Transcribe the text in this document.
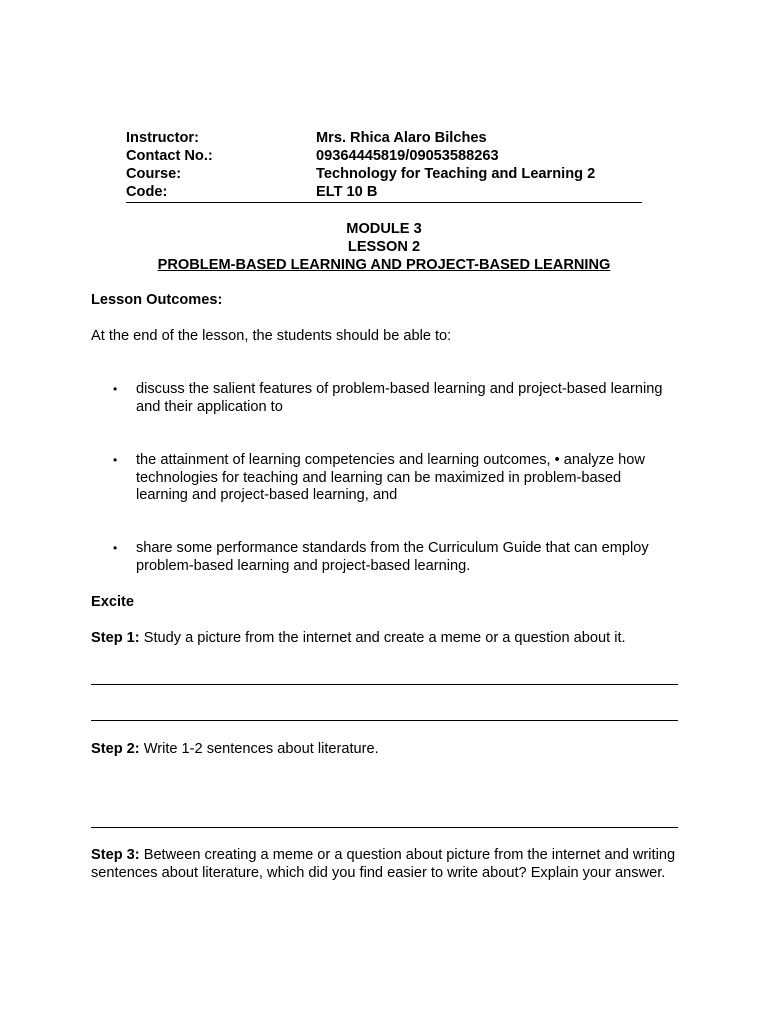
Instructor:	Mrs. Rhica Alaro Bilches
Contact No.:	09364445819/09053588263
Course:	Technology for Teaching and Learning 2
Code:	ELT 10 B
MODULE 3
LESSON 2
PROBLEM-BASED LEARNING AND PROJECT-BASED LEARNING
Lesson Outcomes:
At the end of the lesson, the students should be able to:
•	discuss the salient features of problem-based learning and project-based learning and their application to
•	the attainment of learning competencies and learning outcomes, • analyze how technologies for teaching and learning can be maximized in problem-based learning and project-based learning, and
•	share some performance standards from the Curriculum Guide that can employ problem-based learning and project-based learning.
Excite
Step 1: Study a picture from the internet and create a meme or a question about it.
Step 2: Write 1-2 sentences about literature.
Step 3: Between creating a meme or a question about picture from the internet and writing sentences about literature, which did you find easier to write about? Explain your answer.
